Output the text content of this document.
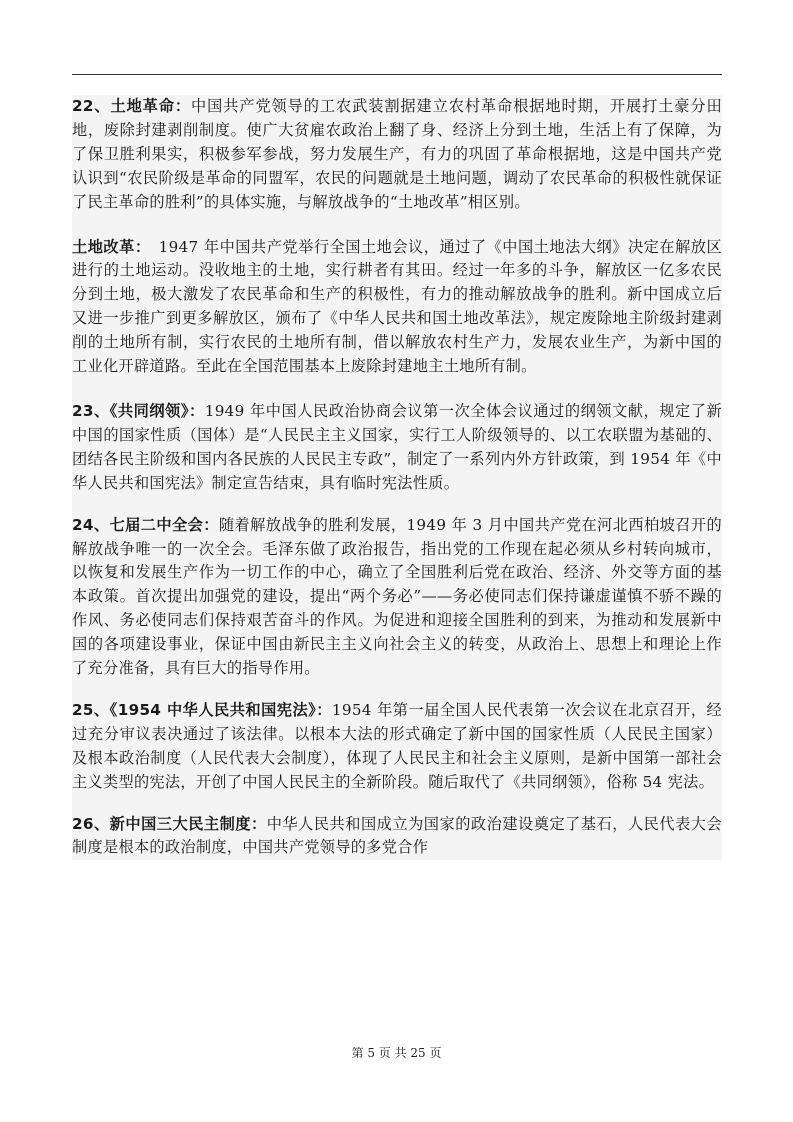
22、土地革命：中国共产党领导的工农武装割据建立农村革命根据地时期，开展打土豪分田地，废除封建剥削制度。使广大贫雇农政治上翻了身、经济上分到土地，生活上有了保障，为了保卫胜利果实，积极参军参战，努力发展生产，有力的巩固了革命根据地，这是中国共产党认识到“农民阶级是革命的同盟军，农民的问题就是土地问题，调动了农民革命的积极性就保证了民主革命的胜利”的具体实施，与解放战争的“土地改革”相区别。

土地改革：　1947 年中国共产党举行全国土地会议，通过了《中国土地法大纲》决定在解放区进行的土地运动。没收地主的土地，实行耕者有其田。经过一年多的斗争，解放区一亿多农民分到土地，极大激发了农民革命和生产的积极性，有力的推动解放战争的胜利。新中国成立后又进一步推广到更多解放区，颁布了《中华人民共和国土地改革法》，规定废除地主阶级封建剥削的土地所有制，实行农民的土地所有制，借以解放农村生产力，发展农业生产，为新中国的工业化开辟道路。至此在全国范围基本上废除封建地主土地所有制。

23、《共同纲领》：1949 年中国人民政治协商会议第一次全体会议通过的纲领文献，规定了新中国的国家性质（国体）是“人民民主主义国家，实行工人阶级领导的、以工农联盟为基础的、团结各民主阶级和国内各民族的人民民主专政”，制定了一系列内外方针政策，到 1954 年《中华人民共和国宪法》制定宣告结束，具有临时宪法性质。

24、七届二中全会：随着解放战争的胜利发展，1949 年 3 月中国共产党在河北西柏坡召开的解放战争唯一的一次全会。毛泽东做了政治报告，指出党的工作现在起必须从乡村转向城市，以恢复和发展生产作为一切工作的中心，确立了全国胜利后党在政治、经济、外交等方面的基本政策。首次提出加强党的建设，提出“两个务必”——务必使同志们保持谦虚谨慎不骄不躁的作风、务必使同志们保持艰苦奋斗的作风。为促进和迎接全国胜利的到来，为推动和发展新中国的各项建设事业，保证中国由新民主主义向社会主义的转变，从政治上、思想上和理论上作了充分准备，具有巨大的指导作用。

25、《1954 中华人民共和国宪法》：1954 年第一届全国人民代表第一次会议在北京召开，经过充分审议表决通过了该法律。以根本大法的形式确定了新中国的国家性质（人民民主国家）及根本政治制度（人民代表大会制度），体现了人民民主和社会主义原则，是新中国第一部社会主义类型的宪法，开创了中国人民民主的全新阶段。随后取代了《共同纲领》，俗称 54 宪法。

26、新中国三大民主制度：中华人民共和国成立为国家的政治建设奠定了基石，人民代表大会制度是根本的政治制度，中国共产党领导的多党合作

第 5 页 共 25 页
